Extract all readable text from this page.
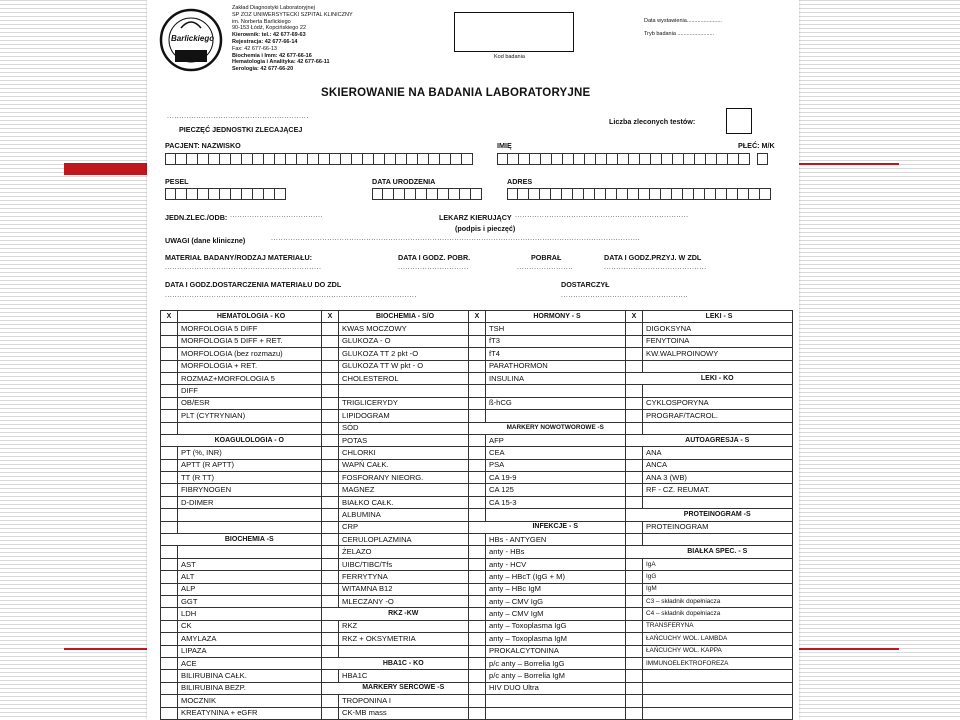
Barlickiego
Zakład Diagnostyki Laboratoryjnej
SP ZOZ UNIWERSYTECKI SZPITAL KLINICZNY
im. Norberta Barlickiego
90-153 Łódź, Kopcińskiego 22
Kierownik: tel.: 42 677-69-63
Rejestracja: 42 677-66-14
Fax: 42 677-66-13
Biochemia i Imm: 42 677-66-16
Hematologia i Analityka: 42 677-66-11
Serologia: 42 677-66-20
Kod badania
Data wystawienia.......................
Tryb badania ........................
SKIEROWANIE NA BADANIA LABORATORYJNE
..........................................................
PIECZĘĆ JEDNOSTKI ZLECAJĄCEJ
Liczba zleconych testów:
PACJENT: NAZWISKO	IMIĘ	PŁEĆ: M/K
PESEL	DATA URODZENIA	ADRES
JEDN.ZLEC./ODB: ......................................	LEKARZ KIERUJĄCY .......................................................................
(podpis i pieczęć)
UWAGI (dane kliniczne)	.......................................................................................................................................................
MATERIAŁ BADANY/RODZAJ MATERIAŁU:	DATA I GODZ. POBR.	POBRAŁ	DATA I GODZ.PRZYJ. W ZDL
................................................................	.............................	.......................	..........................................
DATA I GODZ.DOSTARCZENIA MATERIAŁU DO ZDL	DOSTARCZYŁ
.......................................................................................................	....................................................
X	HEMATOLOGIA - KO	X	BIOCHEMIA - S/O	X	HORMONY - S	X	LEKI - S
	MORFOLOGIA 5 DIFF		KWAS MOCZOWY		TSH		DIGOKSYNA
	MORFOLOGIA 5 DIFF + RET.		GLUKOZA - O		fT3		FENYTOINA
	MORFOLOGIA (bez rozmazu)		GLUKOZA TT 2 pkt -O		fT4		KW.WALPROINOWY
	MORFOLOGIA + RET.		GLUKOZA TT W pkt - O		PARATHORMON		
	ROZMAZ+MORFOLOGIA 5		CHOLESTEROL		INSULINA		LEKI - KO
	DIFF						
	OB/ESR		TRIGLICERYDY		ß-hCG		CYKLOSPORYNA
	PLT (CYTRYNIAN)		LIPIDOGRAM				PROGRAF/TACROL.
			SÓD		MARKERY NOWOTWOROWE -S		
	KOAGULOLOGIA - O		POTAS		AFP		AUTOAGRESJA - S
	PT (%, INR)		CHLORKI		CEA		ANA
	APTT (R APTT)		WAPŃ CAŁK.		PSA		ANCA
	TT (R TT)		FOSFORANY NIEORG.		CA 19-9		ANA 3 (WB)
	FIBRYNOGEN		MAGNEZ		CA 125		RF - CZ. REUMAT.
	D-DIMER		BIAŁKO CAŁK.		CA 15-3		
			ALBUMINA				PROTEINOGRAM -S
			CRP		INFEKCJE - S		PROTEINOGRAM
	BIOCHEMIA -S		CERULOPLAZMINA		HBs - ANTYGEN		
			ŻELAZO		anty - HBs		BIAŁKA SPEC. - S
	AST		UIBC/TIBC/Tfs		anty - HCV		IgA
	ALT		FERRYTYNA		anty – HBcT (IgG + M)		IgG
	ALP		WITAMNA B12		anty – HBc IgM		IgM
	GGT		MLECZANY -O		anty – CMV IgG		C3 – składnik dopełniacza
	LDH		RKZ -KW		anty – CMV IgM		C4 – składnik dopełniacza
	CK		RKZ		anty – Toxoplasma IgG		TRANSFERYNA
	AMYLAZA		RKZ + OKSYMETRIA		anty – Toxoplasma IgM		ŁAŃCUCHY WOL. LAMBDA
	LIPAZA				PROKALCYTONINA		ŁAŃCUCHY WOL. KAPPA
	ACE		HBA1C - KO		p/c anty – Borrelia IgG		IMMUNOELEKTROFOREZA
	BILIRUBINA CAŁK.		HBA1C		p/c anty – Borrelia IgM		
	BILIRUBINA BEZP.		MARKERY SERCOWE -S		HIV DUO Ultra		
	MOCZNIK		TROPONINA I				
	KREATYNINA + eGFR		CK-MB mass				
